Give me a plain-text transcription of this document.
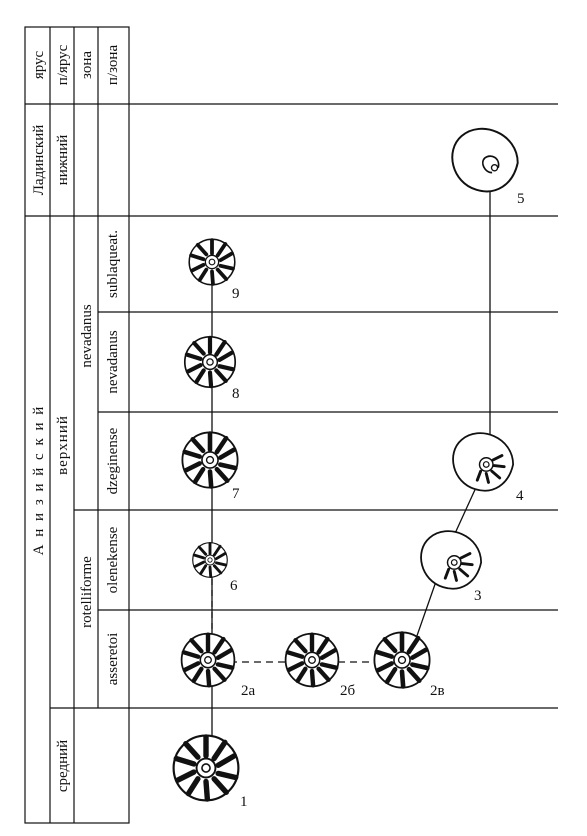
ярус п/ярус зона п/зона
Ладинский
А н и з и й с к и й
нижний
верхний
средний
nevadanus
rotelliforme
sublaqueat.
nevadanus
dzeginense
olenekense
asseretoi
9
8
7
6
2а	2б	2в
1
3
4
5
